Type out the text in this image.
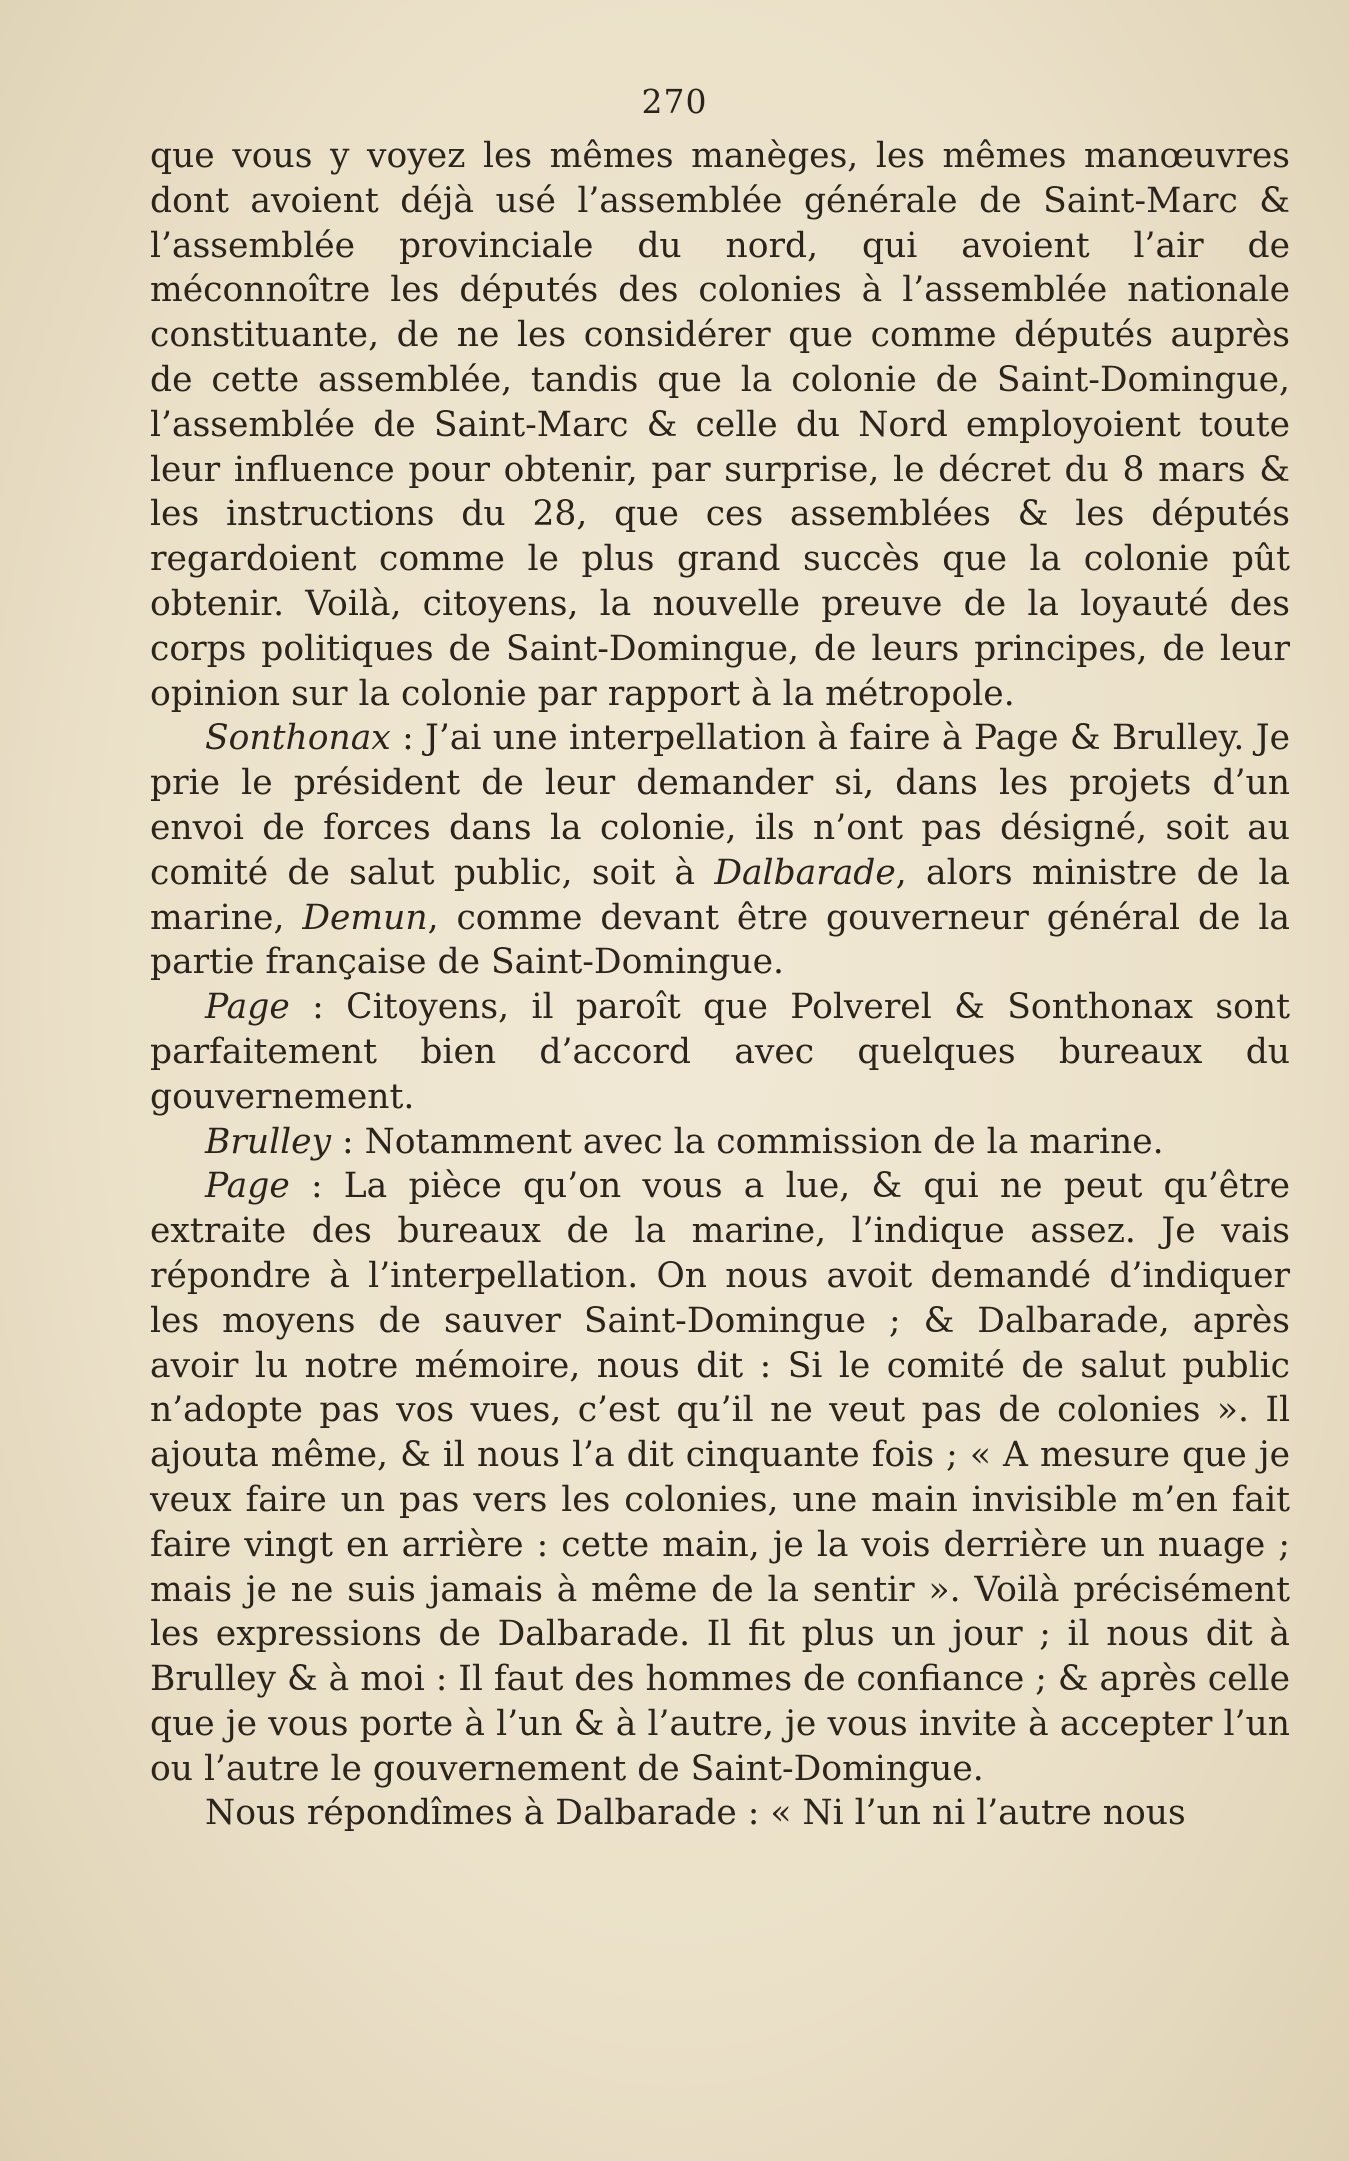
270

que vous y voyez les mêmes manèges, les mêmes manœuvres dont avoient déjà usé l’assemblée générale de Saint-Marc & l’assemblée provinciale du nord, qui avoient l’air de méconnoître les députés des colonies à l’assemblée nationale constituante, de ne les considérer que comme députés auprès de cette assemblée, tandis que la colonie de Saint-Domingue, l’assemblée de Saint-Marc & celle du Nord employoient toute leur influence pour obtenir, par surprise, le décret du 8 mars & les instructions du 28, que ces assemblées & les députés regardoient comme le plus grand succès que la colonie pût obtenir. Voilà, citoyens, la nouvelle preuve de la loyauté des corps politiques de Saint-Domingue, de leurs principes, de leur opinion sur la colonie par rapport à la métropole.

Sonthonax : J’ai une interpellation à faire à Page & Brulley. Je prie le président de leur demander si, dans les projets d’un envoi de forces dans la colonie, ils n’ont pas désigné, soit au comité de salut public, soit à Dalbarade, alors ministre de la marine, Demun, comme devant être gouverneur général de la partie française de Saint-Domingue.

Page : Citoyens, il paroît que Polverel & Sonthonax sont parfaitement bien d’accord avec quelques bureaux du gouvernement.

Brulley : Notamment avec la commission de la marine.

Page : La pièce qu’on vous a lue, & qui ne peut qu’être extraite des bureaux de la marine, l’indique assez. Je vais répondre à l’interpellation. On nous avoit demandé d’indiquer les moyens de sauver Saint-Domingue ; & Dalbarade, après avoir lu notre mémoire, nous dit : Si le comité de salut public n’adopte pas vos vues, c’est qu’il ne veut pas de colonies ». Il ajouta même, & il nous l’a dit cinquante fois ; « A mesure que je veux faire un pas vers les colonies, une main invisible m’en fait faire vingt en arrière : cette main, je la vois derrière un nuage ; mais je ne suis jamais à même de la sentir ». Voilà précisément les expressions de Dalbarade. Il fit plus un jour ; il nous dit à Brulley & à moi : Il faut des hommes de confiance ; & après celle que je vous porte à l’un & à l’autre, je vous invite à accepter l’un ou l’autre le gouvernement de Saint-Domingue.

Nous répondîmes à Dalbarade : « Ni l’un ni l’autre nous
